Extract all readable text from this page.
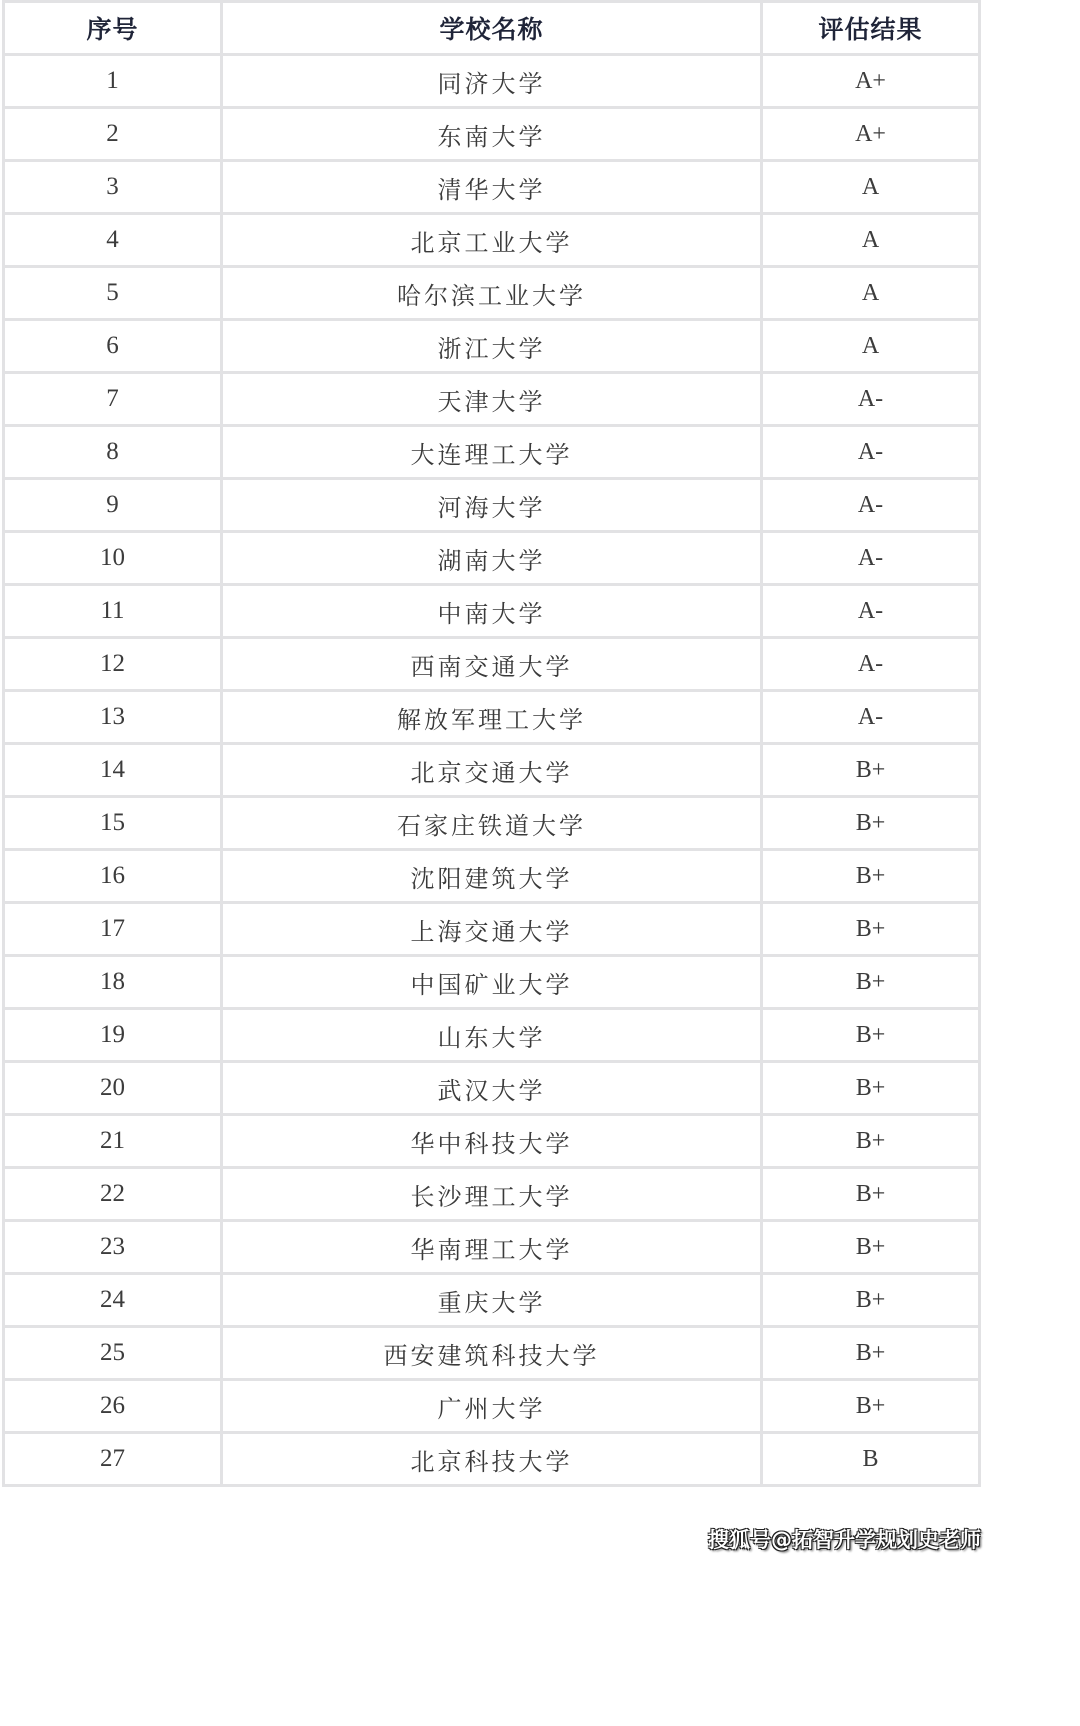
序号	学校名称	评估结果
1	同济大学	A+
2	东南大学	A+
3	清华大学	A
4	北京工业大学	A
5	哈尔滨工业大学	A
6	浙江大学	A
7	天津大学	A-
8	大连理工大学	A-
9	河海大学	A-
10	湖南大学	A-
11	中南大学	A-
12	西南交通大学	A-
13	解放军理工大学	A-
14	北京交通大学	B+
15	石家庄铁道大学	B+
16	沈阳建筑大学	B+
17	上海交通大学	B+
18	中国矿业大学	B+
19	山东大学	B+
20	武汉大学	B+
21	华中科技大学	B+
22	长沙理工大学	B+
23	华南理工大学	B+
24	重庆大学	B+
25	西安建筑科技大学	B+
26	广州大学	B+
27	北京科技大学	B
搜狐号@拓智升学规划史老师
